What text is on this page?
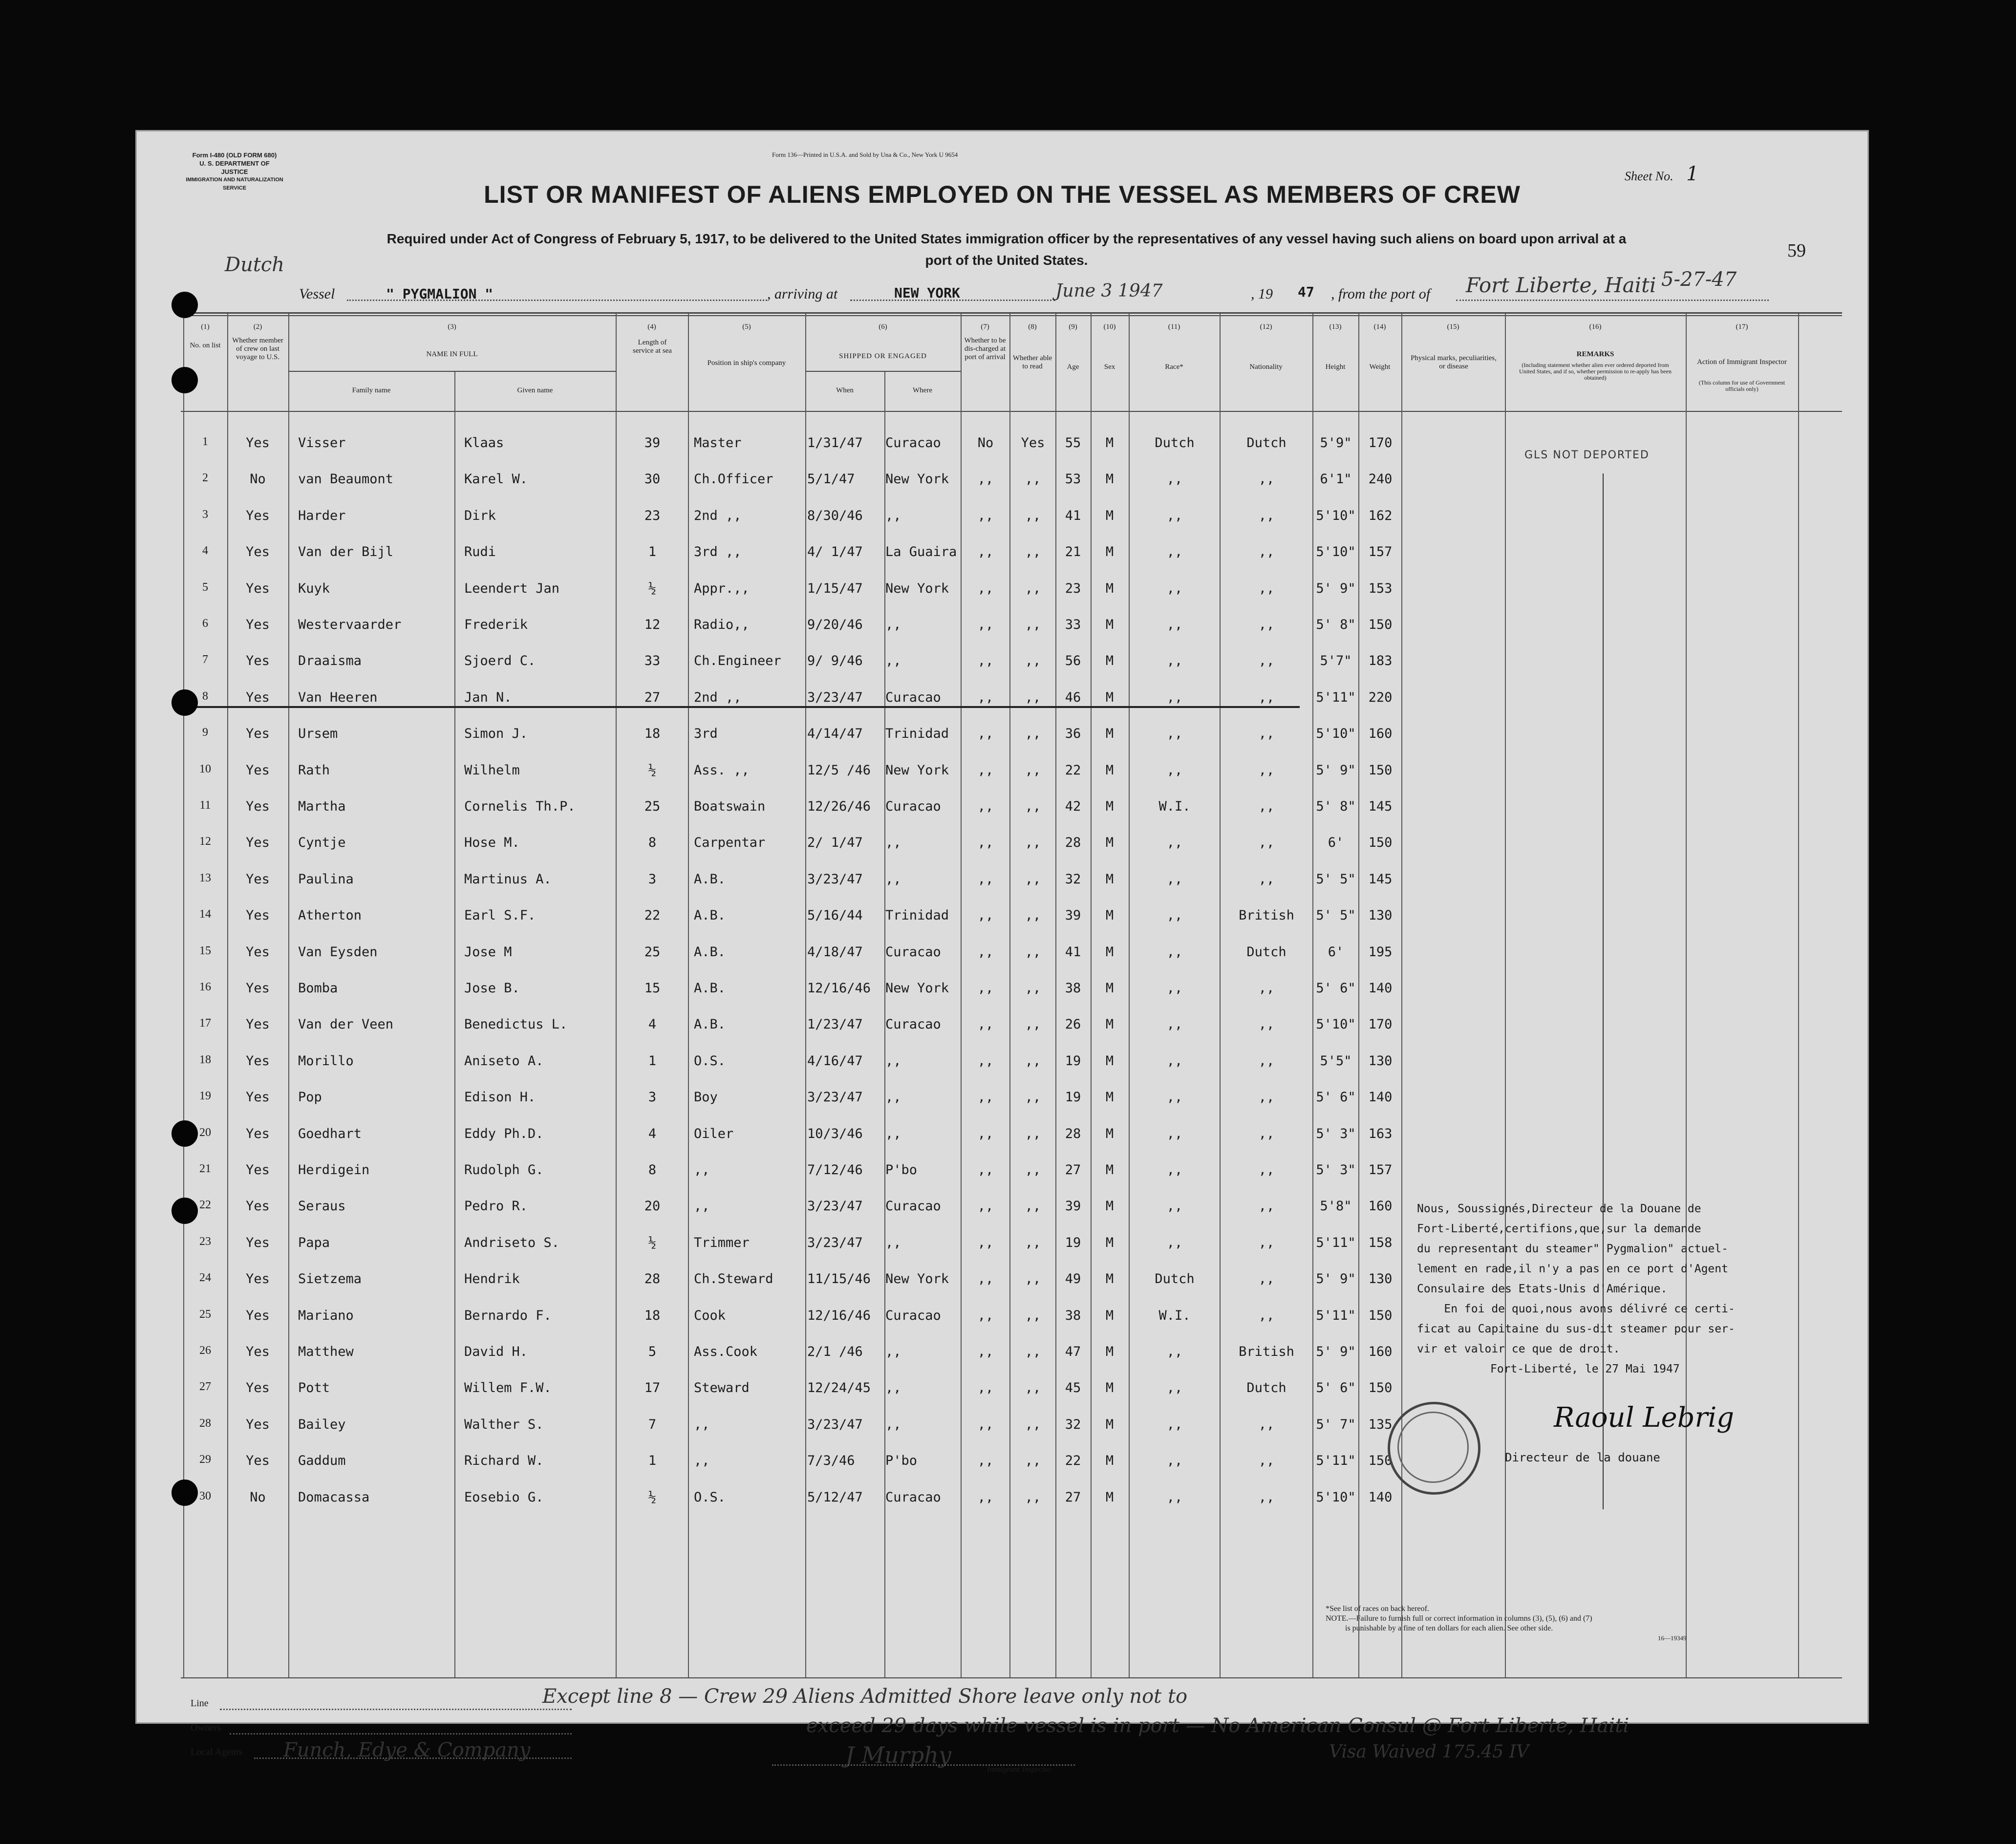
Form I-480 (OLD FORM 680)
U. S. DEPARTMENT OF JUSTICE
IMMIGRATION AND NATURALIZATION SERVICE
Form 136—Printed in U.S.A. and Sold by Una & Co., New York U 9654
Sheet No. 1
LIST OR MANIFEST OF ALIENS EMPLOYED ON THE VESSEL AS MEMBERS OF CREW
Required under Act of Congress of February 5, 1917, to be delivered to the United States immigration officer by the representatives of any vessel having such aliens on board upon arrival at a
port of the United States.	59
Dutch
Vessel	" PYGMALION "	, arriving at	NEW YORK	June 3 1947	, 19 47 , from the port of Fort Liberte, Haiti 5-27-47
(1)	(2)	(3)	(4)	(5)	(6)	(7)	(8)	(9)	(10)	(11)	(12)	(13)	(14)	(15)	(16)	(17)
No. on list
Whether member of crew on last voyage to U.S.	NAME IN FULL
Family name	Given name
Length of service at sea
Position in ship's company
SHIPPED OR ENGAGED
When	Where
Whether to be dis-charged at port of arrival Whether able to read	Age	Sex	Race*	Nationality	Height	Weight
Physical marks, peculiarities, or disease
REMARKS
(Including statement whether alien ever ordered deported from United States, and if so, whether permission to re-apply has been obtained)
Action of Immigrant Inspector
(This column for use of Government officials only)
1	Yes	Visser	Klaas	39	Master	1/31/47	Curacao	No	Yes	55	M	Dutch	Dutch	5'9"	170
2	No	van Beaumont	Karel W.	30	Ch.Officer	5/1/47	New York	,,	,,	53	M	,,	,,	6'1"	240
3	Yes	Harder	Dirk	23	2nd ,,	8/30/46	,,	,,	,,	41	M	,,	,,	5'10" 162
4	Yes	Van der Bijl	Rudi	1	3rd ,,	4/ 1/47	La Guaira	,,	,,	21	M	,,	,,	5'10" 157
5	Yes	Kuyk	Leendert Jan	½	Appr.,,	1/15/47	New York	,,	,,	23	M	,,	,,	5' 9" 153
6	Yes	Westervaarder	Frederik	12	Radio,,	9/20/46	,,	,,	,,	33	M	,,	,,	5' 8" 150
7	Yes	Draaisma	Sjoerd C.	33	Ch.Engineer	9/ 9/46	,,	,,	,,	56	M	,,	,,	5'7"	183
8	Yes	Van Heeren	Jan N.	27	2nd ,,	3/23/47	Curacao	,,	,,	46	M	,,	,,	5'11" 220
9	Yes	Ursem	Simon J.	18	3rd	4/14/47	Trinidad	,,	,,	36	M	,,	,,	5'10" 160
10	Yes	Rath	Wilhelm	½	Ass. ,,	12/5 /46	New York	,,	,,	22	M	,,	,,	5' 9" 150
11	Yes	Martha	Cornelis Th.P.	25	Boatswain	12/26/46	Curacao	,,	,,	42	M	W.I.	,,	5' 8" 145
12	Yes	Cyntje	Hose M.	8	Carpentar	2/ 1/47	,,	,,	,,	28	M	,,	,,	6'	150
13	Yes	Paulina	Martinus A.	3	A.B.	3/23/47	,,	,,	,,	32	M	,,	,,	5' 5" 145
14	Yes	Atherton	Earl S.F.	22	A.B.	5/16/44	Trinidad	,,	,,	39	M	,,	British	5' 5" 130
15	Yes	Van Eysden	Jose M	25	A.B.	4/18/47	Curacao	,,	,,	41	M	,,	Dutch	6'	195
16	Yes	Bomba	Jose B.	15	A.B.	12/16/46	New York	,,	,,	38	M	,,	,,	5' 6" 140
17	Yes	Van der Veen	Benedictus L.	4	A.B.	1/23/47	Curacao	,,	,,	26	M	,,	,,	5'10" 170
18	Yes	Morillo	Aniseto A.	1	O.S.	4/16/47	,,	,,	,,	19	M	,,	,,	5'5"	130
19	Yes	Pop	Edison H.	3	Boy	3/23/47	,,	,,	,,	19	M	,,	,,	5' 6" 140
20	Yes	Goedhart	Eddy Ph.D.	4	Oiler	10/3/46	,,	,,	,,	28	M	,,	,,	5' 3" 163
21	Yes	Herdigein	Rudolph G.	8	,,	7/12/46	P'bo	,,	,,	27	M	,,	,,	5' 3" 157
22	Yes	Seraus	Pedro R.	20	,,	3/23/47	Curacao	,,	,,	39	M	,,	,,	5'8"	160
23	Yes	Papa	Andriseto S.	½	Trimmer	3/23/47	,,	,,	,,	19	M	,,	,,	5'11" 158
24	Yes	Sietzema	Hendrik	28	Ch.Steward	11/15/46	New York	,,	,,	49	M	Dutch	,,	5' 9" 130
25	Yes	Mariano	Bernardo F.	18	Cook	12/16/46	Curacao	,,	,,	38	M	W.I.	,,	5'11" 150
26	Yes	Matthew	David H.	5	Ass.Cook	2/1 /46	,,	,,	,,	47	M	,,	British	5' 9" 160
27	Yes	Pott	Willem F.W.	17	Steward	12/24/45	,,	,,	,,	45	M	,,	Dutch	5' 6" 150
28	Yes	Bailey	Walther S.	7	,,	3/23/47	,,	,,	,,	32	M	,,	,,	5' 7" 135
29	Yes	Gaddum	Richard W.	1	,,	7/3/46	P'bo	,,	,,	22	M	,,	,,	5'11" 150
30	No	Domacassa	Eosebio G.	½	O.S.	5/12/47	Curacao	,,	,,	27	M	,,	,,	5'10" 140
GLS NOT DEPORTED
Nous, Soussignés,Directeur de la Douane de
Fort-Liberté,certifions,que,sur la demande
du representant du steamer" Pygmalion" actuel-
lement en rade,il n'y a pas en ce port d'Agent
Consulaire des Etats-Unis d'Amérique.
En foi de quoi,nous avons délivré ce certi-
ficat au Capitaine du sus-dit steamer pour ser-
vir et valoir ce que de droit.
Fort-Liberté, le 27 Mai 1947
Raoul Lebrig
Directeur de la douane
Except line 8 — Crew 29 Aliens Admitted Shore leave only not to
exceed 29 days while vessel is in port — No American Consul @ Fort Liberte, Haiti
Visa Waived 175.45 IV
Line
Owners
Local Agents Funch, Edye & Company	J Murphy
Immigrant Inspector.
*See list of races on back hereof.
NOTE.—Failure to furnish full or correct information in columns (3), (5), (6) and (7)
is punishable by a fine of ten dollars for each alien. See other side.
16—19349
